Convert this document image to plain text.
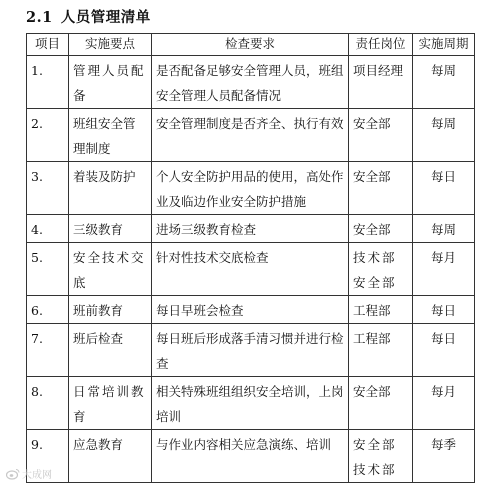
2.1 人员管理清单
项目	实施要点	检查要求	责任岗位	实施周期
1.	管理人员配备	是否配备足够安全管理人员，班组安全管理人员配备情况	项目经理	每周
2.	班组安全管理制度	安全管理制度是否齐全、执行有效	安全部	每周
3.	着装及防护	个人安全防护用品的使用，高处作业及临边作业安全防护措施	安全部	每日
4.	三级教育	进场三级教育检查	安全部	每周
5.	安全技术交底	针对性技术交底检查	技术部安全部	每月
6.	班前教育	每日早班会检查	工程部	每日
7.	班后检查	每日班后形成落手清习惯并进行检查	工程部	每日
8.	日常培训教育	相关特殊班组组织安全培训，上岗培训	安全部	每月
9.	应急教育	与作业内容相关应急演练、培训	安全部技术部	每季
大成网
